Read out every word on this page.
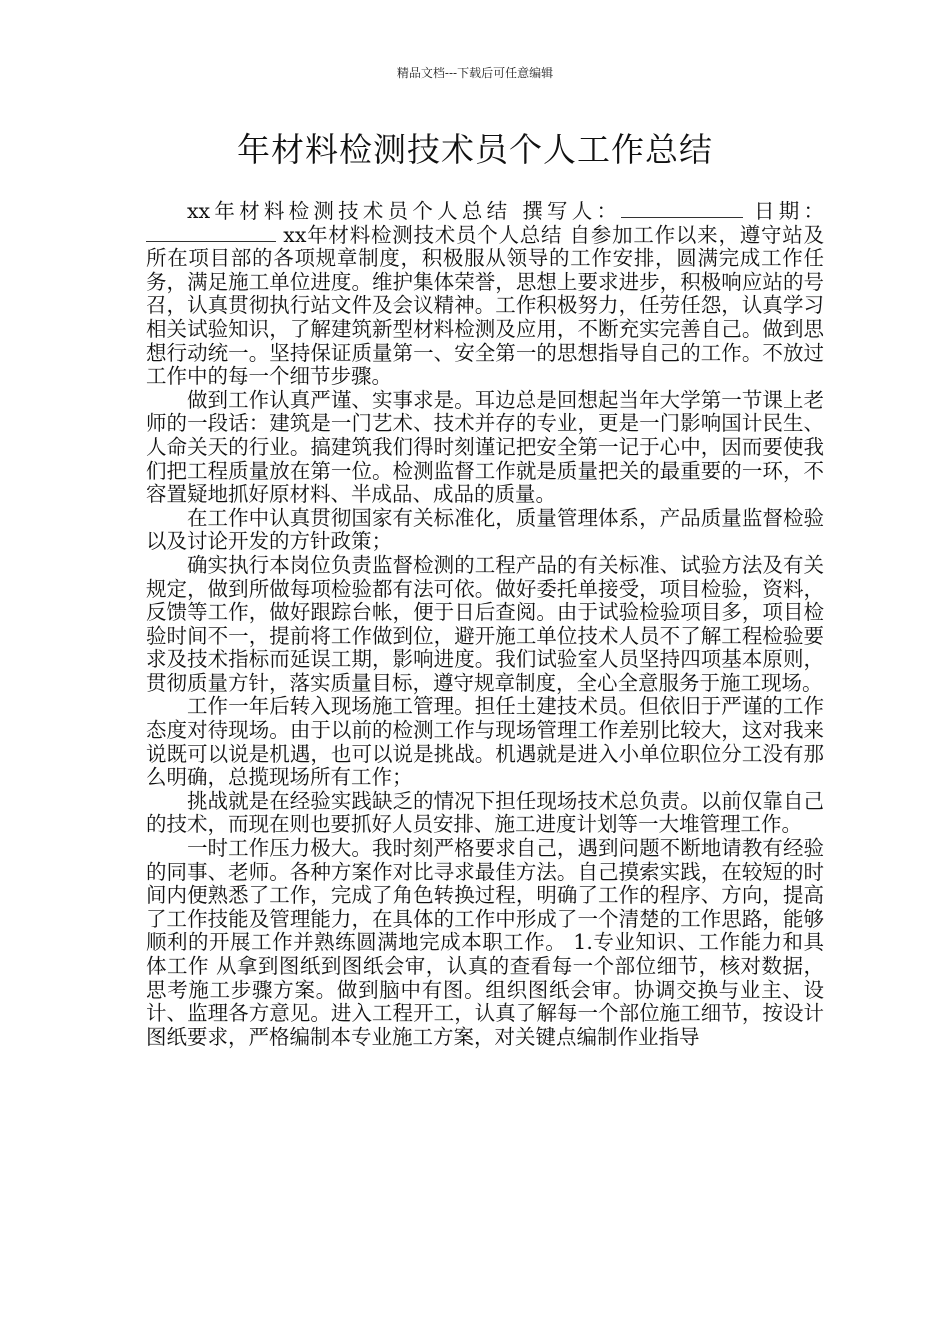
精品文档---下载后可任意编辑
年材料检测技术员个人工作总结

xx年材料检测技术员个人总结 撰写人：	日期： xx年材料检测技术员个人总结 自参加工作以来，遵守站及所在项目部的各项规章制度，积极服从领导的工作安排，圆满完成工作任务，满足施工单位进度。维护集体荣誉，思想上要求进步，积极响应站的号召，认真贯彻执行站文件及会议精神。工作积极努力，任劳任怨，认真学习相关试验知识，了解建筑新型材料检测及应用，不断充实完善自己。做到思想行动统一。坚持保证质量第一、安全第一的思想指导自己的工作。不放过工作中的每一个细节步骤。

做到工作认真严谨、实事求是。耳边总是回想起当年大学第一节课上老师的一段话：建筑是一门艺术、技术并存的专业，更是一门影响国计民生、人命关天的行业。搞建筑我们得时刻谨记把安全第一记于心中，因而要使我们把工程质量放在第一位。检测监督工作就是质量把关的最重要的一环，不容置疑地抓好原材料、半成品、成品的质量。

在工作中认真贯彻国家有关标准化，质量管理体系，产品质量监督检验以及讨论开发的方针政策；

确实执行本岗位负责监督检测的工程产品的有关标准、试验方法及有关规定，做到所做每项检验都有法可依。做好委托单接受，项目检验，资料，反馈等工作，做好跟踪台帐，便于日后查阅。由于试验检验项目多，项目检验时间不一，提前将工作做到位，避开施工单位技术人员不了解工程检验要求及技术指标而延误工期，影响进度。我们试验室人员坚持四项基本原则，贯彻质量方针，落实质量目标，遵守规章制度，全心全意服务于施工现场。

工作一年后转入现场施工管理。担任土建技术员。但依旧于严谨的工作态度对待现场。由于以前的检测工作与现场管理工作差别比较大，这对我来说既可以说是机遇，也可以说是挑战。机遇就是进入小单位职位分工没有那么明确，总揽现场所有工作；

挑战就是在经验实践缺乏的情况下担任现场技术总负责。以前仅靠自己的技术，而现在则也要抓好人员安排、施工进度计划等一大堆管理工作。

一时工作压力极大。我时刻严格要求自己，遇到问题不断地请教有经验的同事、老师。各种方案作对比寻求最佳方法。自己摸索实践，在较短的时间内便熟悉了工作，完成了角色转换过程，明确了工作的程序、方向，提高了工作技能及管理能力，在具体的工作中形成了一个清楚的工作思路，能够顺利的开展工作并熟练圆满地完成本职工作。 1.专业知识、工作能力和具体工作 从拿到图纸到图纸会审，认真的查看每一个部位细节，核对数据，思考施工步骤方案。做到脑中有图。组织图纸会审。协调交换与业主、设计、监理各方意见。进入工程开工，认真了解每一个部位施工细节，按设计图纸要求，严格编制本专业施工方案，对关键点编制作业指导
